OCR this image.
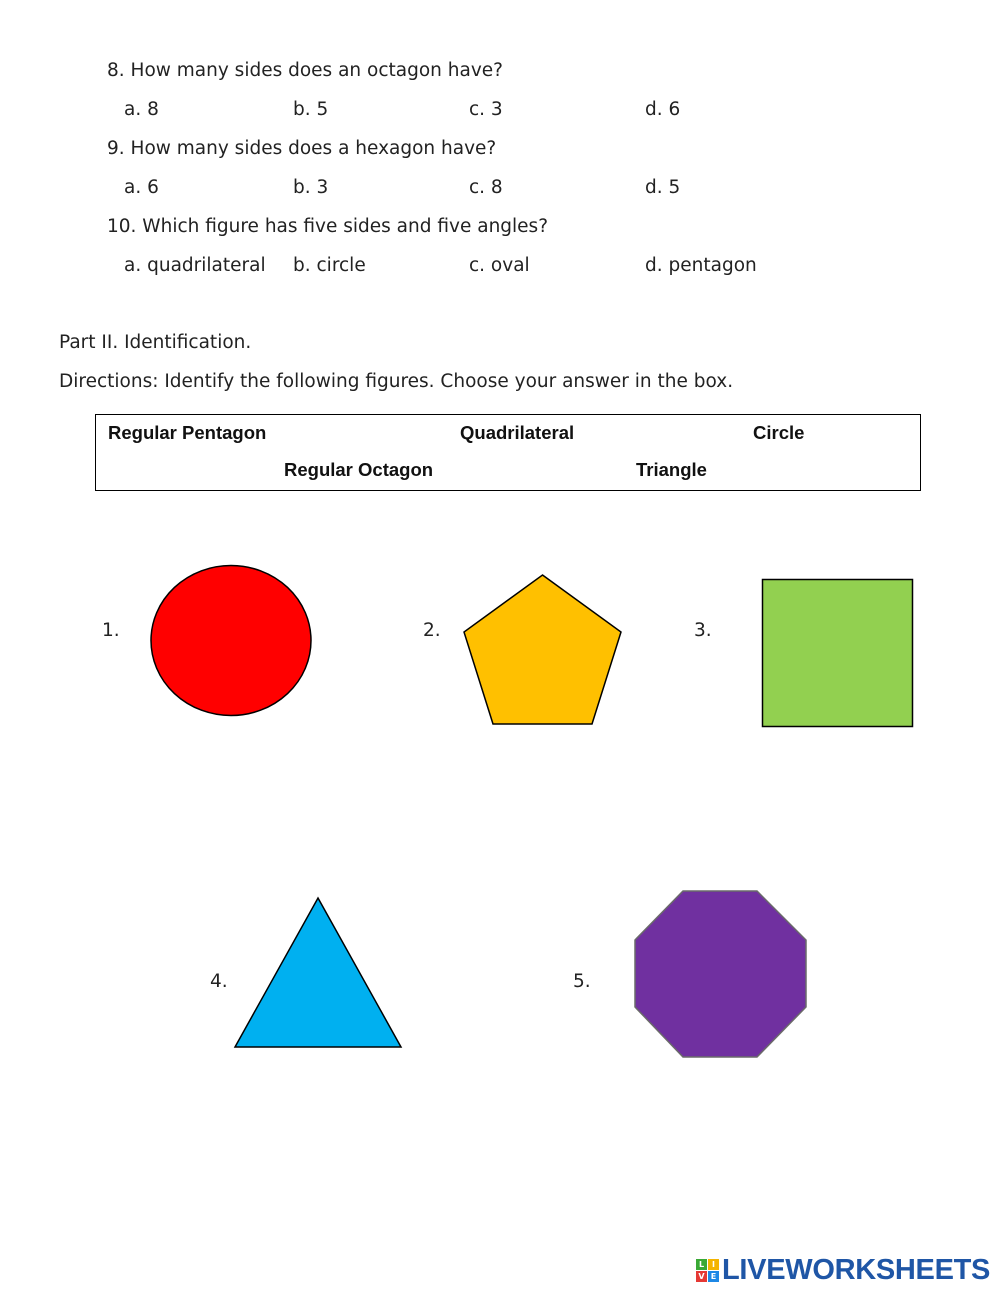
8. How many sides does an octagon have?
a. 8	b. 5	c. 3	d. 6
9. How many sides does a hexagon have?
a. 6	b. 3	c. 8	d. 5
10. Which figure has five sides and five angles?
a. quadrilateral b. circle	c. oval	d. pentagon
Part II. Identification.
Directions: Identify the following figures. Choose your answer in the box.
Regular Pentagon	Quadrilateral	Circle
Regular Octagon	Triangle
1.	2.	3.
4.	5.
L I
V E LIVEWORKSHEETS
